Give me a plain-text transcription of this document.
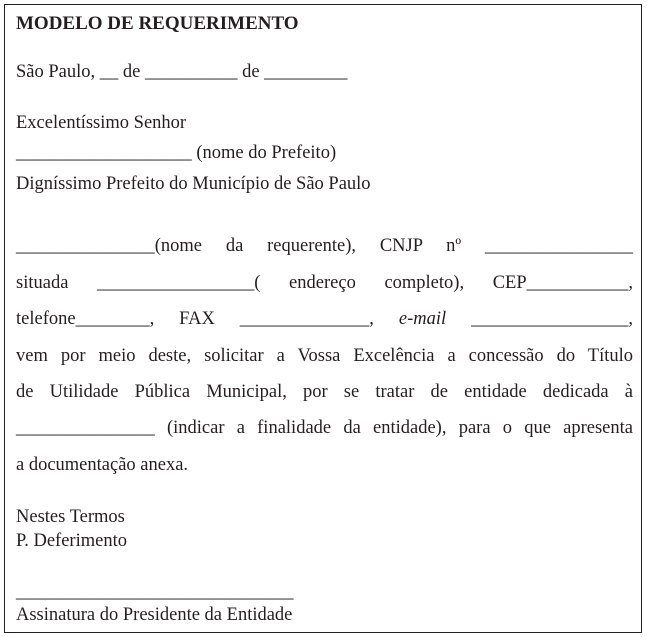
MODELO DE REQUERIMENTO
São Paulo, __ de __________ de _________
Excelentíssimo Senhor
___________________ (nome do Prefeito)
Digníssimo Prefeito do Município de São Paulo
_______________(nome da requerente), CNJP nº ________________
situada _________________( endereço completo), CEP___________,
telefone________, FAX ______________, e-mail _________________,
vem por meio deste, solicitar a Vossa Excelência a concessão do Título
de Utilidade Pública Municipal, por se tratar de entidade dedicada à
_______________ (indicar a finalidade da entidade), para o que apresenta
a documentação anexa.
Nestes Termos
P. Deferimento
______________________________
Assinatura do Presidente da Entidade
